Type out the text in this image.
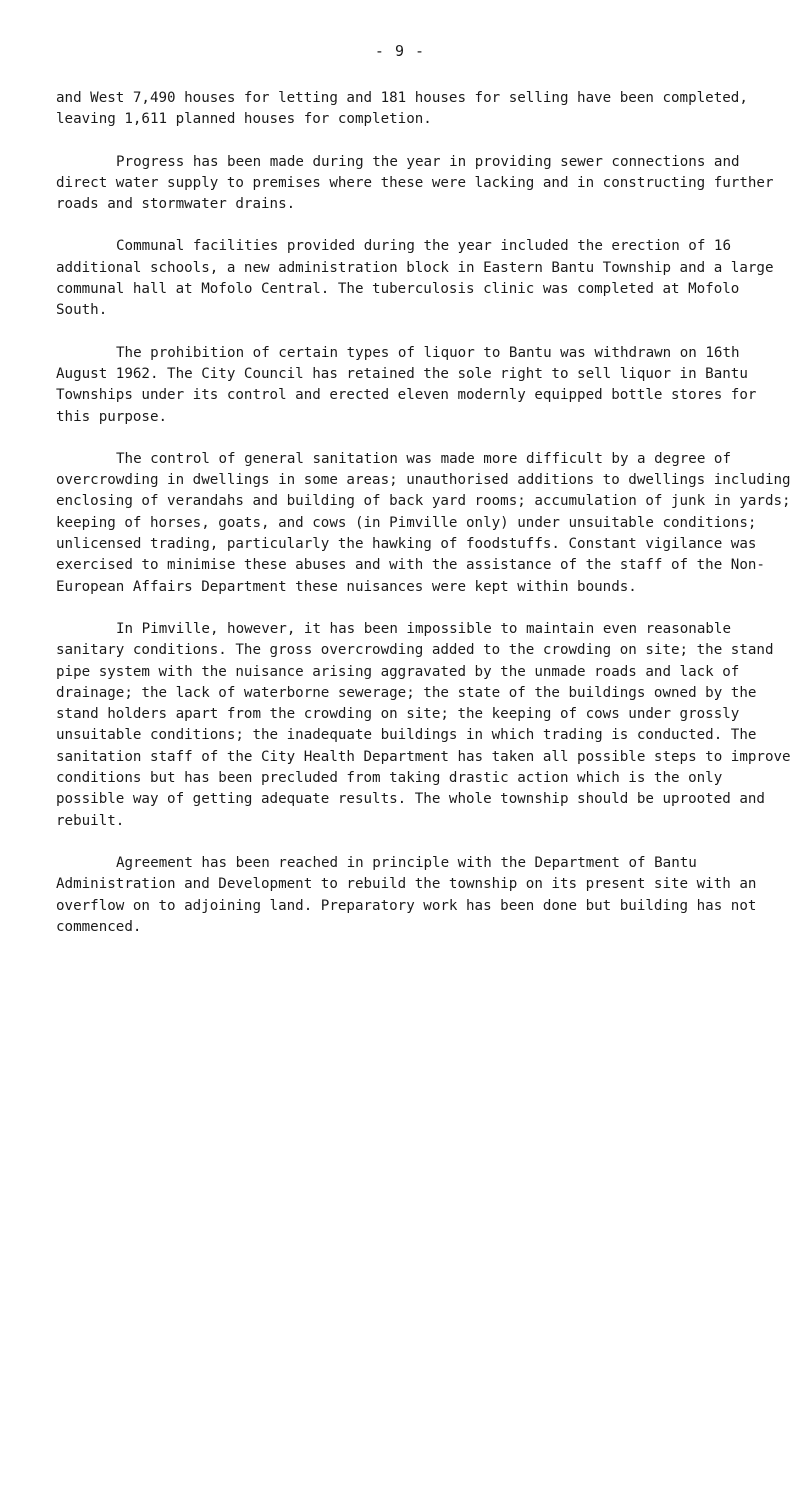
- 9 -

and West 7,490 houses for letting and 181 houses for selling have been completed, leaving 1,611 planned houses for completion.

Progress has been made during the year in providing sewer connections and direct water supply to premises where these were lacking and in constructing further roads and stormwater drains.

Communal facilities provided during the year included the erection of 16 additional schools, a new administration block in Eastern Bantu Township and a large communal hall at Mofolo Central. The tuberculosis clinic was completed at Mofolo South.

The prohibition of certain types of liquor to Bantu was withdrawn on 16th August 1962. The City Council has retained the sole right to sell liquor in Bantu Townships under its control and erected eleven modernly equipped bottle stores for this purpose.

The control of general sanitation was made more difficult by a degree of overcrowding in dwellings in some areas; unauthorised additions to dwellings including enclosing of verandahs and building of back yard rooms; accumulation of junk in yards; keeping of horses, goats, and cows (in Pimville only) under unsuitable conditions; unlicensed trading, particularly the hawking of foodstuffs. Constant vigilance was exercised to minimise these abuses and with the assistance of the staff of the Non-European Affairs Department these nuisances were kept within bounds.

In Pimville, however, it has been impossible to maintain even reasonable sanitary conditions. The gross overcrowding added to the crowding on site; the stand pipe system with the nuisance arising aggravated by the unmade roads and lack of drainage; the lack of waterborne sewerage; the state of the buildings owned by the stand holders apart from the crowding on site; the keeping of cows under grossly unsuitable conditions; the inadequate buildings in which trading is conducted. The sanitation staff of the City Health Department has taken all possible steps to improve conditions but has been precluded from taking drastic action which is the only possible way of getting adequate results. The whole township should be uprooted and rebuilt.

Agreement has been reached in principle with the Department of Bantu Administration and Development to rebuild the township on its present site with an overflow on to adjoining land. Preparatory work has been done but building has not commenced.
